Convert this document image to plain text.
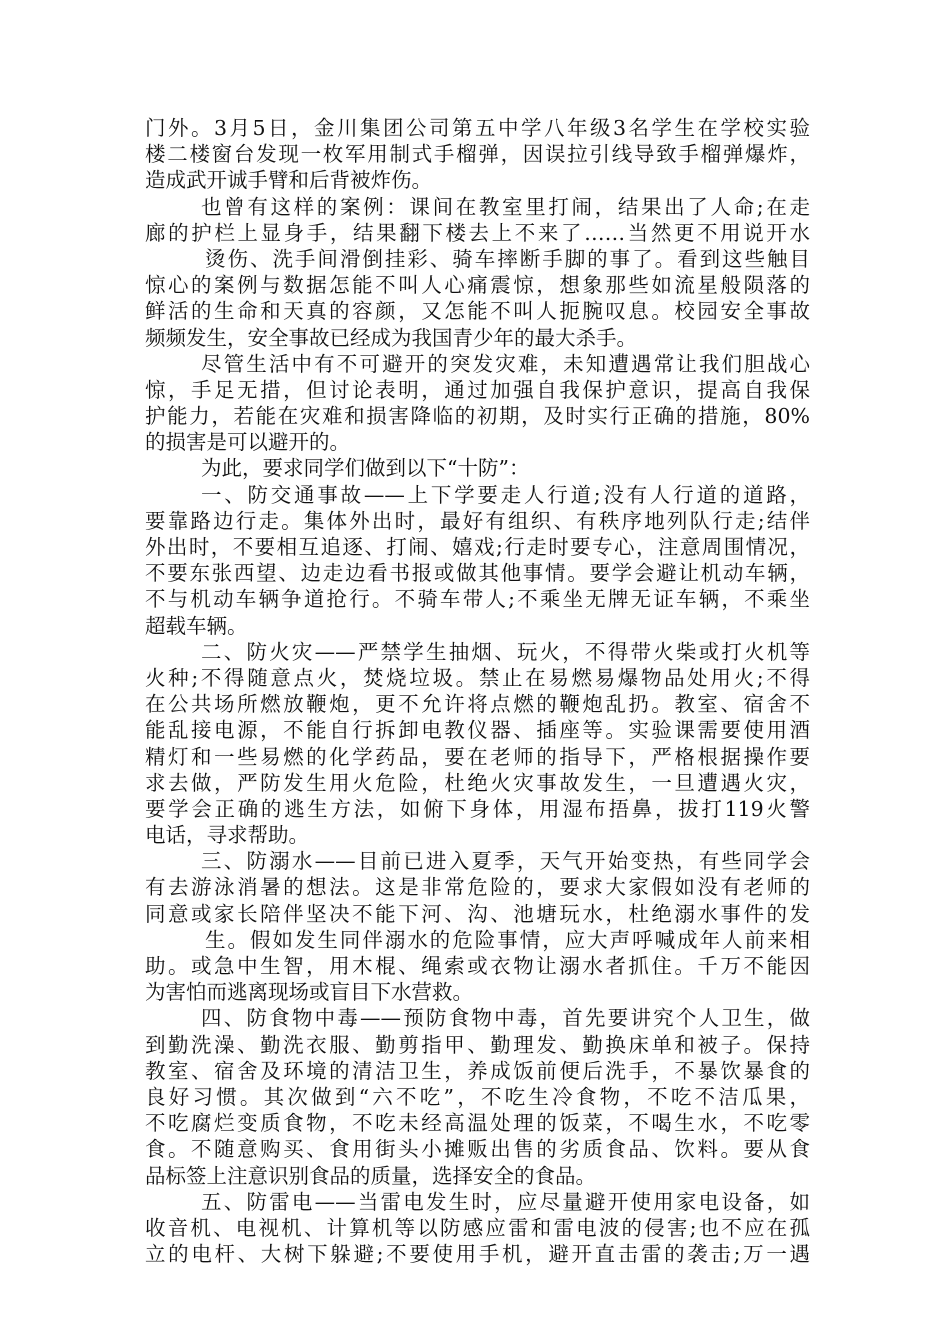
门外。3月5日，金川集团公司第五中学八年级3名学生在学校实验
楼二楼窗台发现一枚军用制式手榴弹，因误拉引线导致手榴弹爆炸，
造成武开诚手臂和后背被炸伤。
也曾有这样的案例：课间在教室里打闹，结果出了人命;在走
廊的护栏上显身手，结果翻下楼去上不来了……当然更不用说开水
烫伤、洗手间滑倒挂彩、骑车摔断手脚的事了。看到这些触目
惊心的案例与数据怎能不叫人心痛震惊，想象那些如流星般陨落的
鲜活的生命和天真的容颜，又怎能不叫人扼腕叹息。校园安全事故
频频发生，安全事故已经成为我国青少年的最大杀手。
尽管生活中有不可避开的突发灾难，未知遭遇常让我们胆战心
惊，手足无措，但讨论表明，通过加强自我保护意识，提高自我保
护能力，若能在灾难和损害降临的初期，及时实行正确的措施，80%
的损害是可以避开的。
为此，要求同学们做到以下“十防”：
一、防交通事故——上下学要走人行道;没有人行道的道路，
要靠路边行走。集体外出时，最好有组织、有秩序地列队行走;结伴
外出时，不要相互追逐、打闹、嬉戏;行走时要专心，注意周围情况，
不要东张西望、边走边看书报或做其他事情。要学会避让机动车辆，
不与机动车辆争道抢行。不骑车带人;不乘坐无牌无证车辆，不乘坐
超载车辆。
二、防火灾——严禁学生抽烟、玩火，不得带火柴或打火机等
火种;不得随意点火，焚烧垃圾。禁止在易燃易爆物品处用火;不得
在公共场所燃放鞭炮，更不允许将点燃的鞭炮乱扔。教室、宿舍不
能乱接电源，不能自行拆卸电教仪器、插座等。实验课需要使用酒
精灯和一些易燃的化学药品，要在老师的指导下，严格根据操作要
求去做，严防发生用火危险，杜绝火灾事故发生，一旦遭遇火灾，
要学会正确的逃生方法，如俯下身体，用湿布捂鼻，拔打119火警
电话，寻求帮助。
三、防溺水——目前已进入夏季，天气开始变热，有些同学会
有去游泳消暑的想法。这是非常危险的，要求大家假如没有老师的
同意或家长陪伴坚决不能下河、沟、池塘玩水，杜绝溺水事件的发
生。假如发生同伴溺水的危险事情，应大声呼喊成年人前来相
助。或急中生智，用木棍、绳索或衣物让溺水者抓住。千万不能因
为害怕而逃离现场或盲目下水营救。
四、防食物中毒——预防食物中毒，首先要讲究个人卫生，做
到勤洗澡、勤洗衣服、勤剪指甲、勤理发、勤换床单和被子。保持
教室、宿舍及环境的清洁卫生，养成饭前便后洗手，不暴饮暴食的
良好习惯。其次做到“六不吃”，不吃生冷食物，不吃不洁瓜果，
不吃腐烂变质食物，不吃未经高温处理的饭菜，不喝生水，不吃零
食。不随意购买、食用街头小摊贩出售的劣质食品、饮料。要从食
品标签上注意识别食品的质量，选择安全的食品。
五、防雷电——当雷电发生时，应尽量避开使用家电设备，如
收音机、电视机、计算机等以防感应雷和雷电波的侵害;也不应在孤
立的电杆、大树下躲避;不要使用手机，避开直击雷的袭击;万一遇
